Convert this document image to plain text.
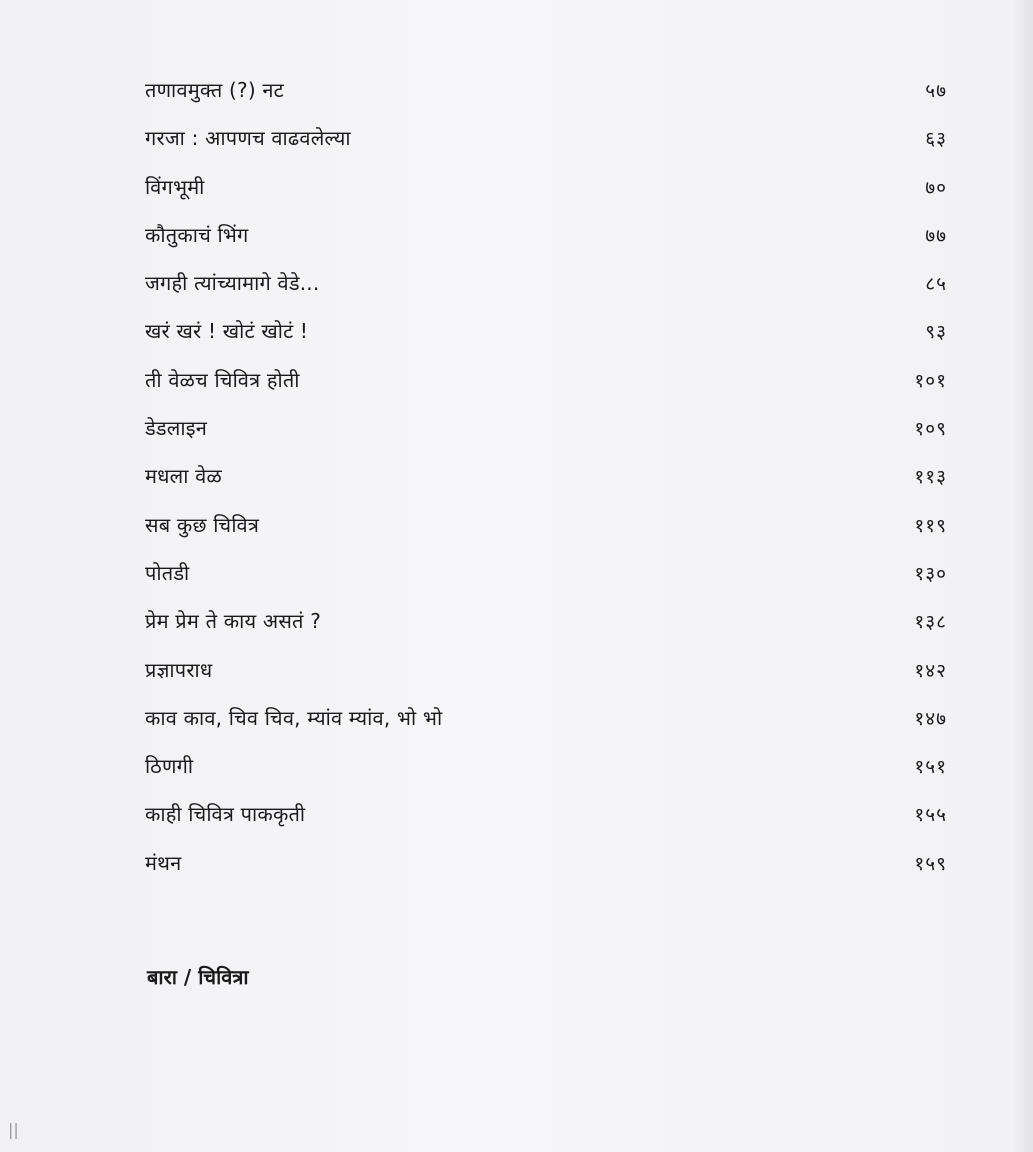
तणावमुक्त (?) नट	५७
गरजा : आपणच वाढवलेल्या	६३
विंगभूमी	७०
कौतुकाचं भिंग	७७
जगही त्यांच्यामागे वेडे...	८५
खरं खरं ! खोटं खोटं !	९३
ती वेळच चिवित्र होती	१०१
डेडलाइन	१०९
मधला वेळ	११३
सब कुछ चिवित्र	११९
पोतडी	१३०
प्रेम प्रेम ते काय असतं ?	१३८
प्रज्ञापराध	१४२
काव काव, चिव चिव, म्यांव म्यांव, भो भो	१४७
ठिणगी	१५१
काही चिवित्र पाककृती	१५५
मंथन	१५९
बारा / चिवित्रा
||
